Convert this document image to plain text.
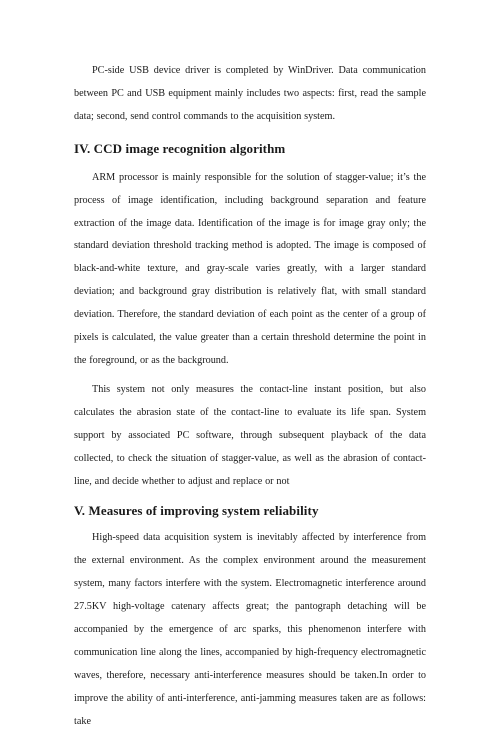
PC-side USB device driver is completed by WinDriver. Data communication between PC and USB equipment mainly includes two aspects: first, read the sample data; second, send control commands to the acquisition system.

IV. CCD image recognition algorithm

ARM processor is mainly responsible for the solution of stagger-value; it’s the process of image identification, including background separation and feature extraction of the image data. Identification of the image is for image gray only; the standard deviation threshold tracking method is adopted. The image is composed of black-and-white texture, and gray-scale varies greatly, with a larger standard deviation; and background gray distribution is relatively flat, with small standard deviation. Therefore, the standard deviation of each point as the center of a group of pixels is calculated, the value greater than a certain threshold determine the point in the foreground, or as the background.

This system not only measures the contact-line instant position, but also calculates the abrasion state of the contact-line to evaluate its life span. System support by associated PC software, through subsequent playback of the data collected, to check the situation of stagger-value, as well as the abrasion of contact-line, and decide whether to adjust and replace or not

V. Measures of improving system reliability

High-speed data acquisition system is inevitably affected by interference from the external environment. As the complex environment around the measurement system, many factors interfere with the system. Electromagnetic interference around 27.5KV high-voltage catenary affects great; the pantograph detaching will be accompanied by the emergence of arc sparks, this phenomenon interfere with communication line along the lines, accompanied by high-frequency electromagnetic waves, therefore, necessary anti-interference measures should be taken.In order to improve the ability of anti-interference, anti-jamming measures taken are as follows: take
